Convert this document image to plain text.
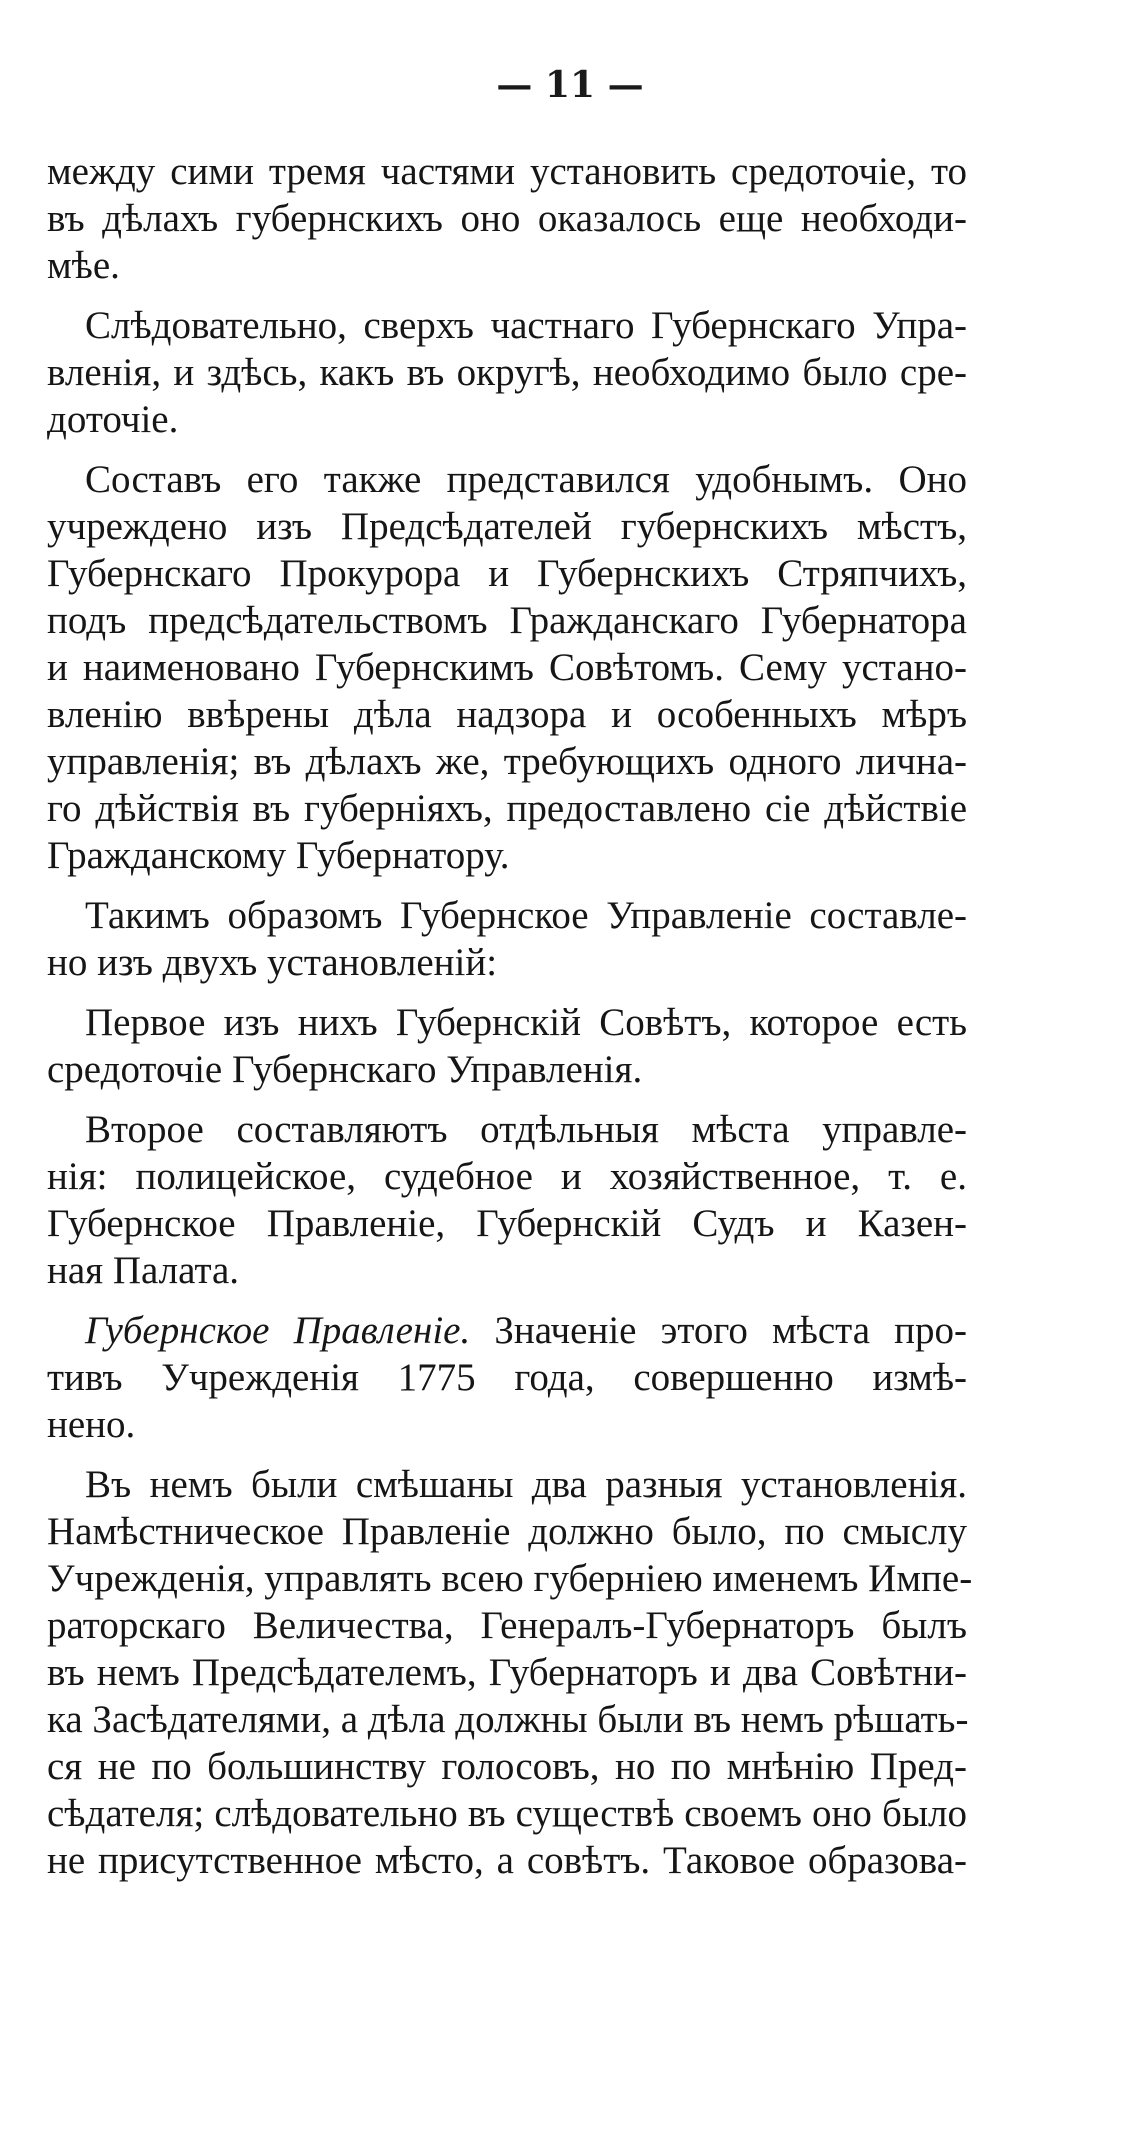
— 11 —
между сими тремя частями установить средоточіе, то
въ дѣлахъ губернскихъ оно оказалось еще необходи-
мѣе.
Слѣдовательно, сверхъ частнаго Губернскаго Упра-
вленія, и здѣсь, какъ въ округѣ, необходимо было сре-
доточіе.
Составъ его также представился удобнымъ. Оно
учреждено изъ Предсѣдателей губернскихъ мѣстъ,
Губернскаго Прокурора и Губернскихъ Стряпчихъ,
подъ предсѣдательствомъ Гражданскаго Губернатора
и наименовано Губернскимъ Совѣтомъ. Сему устано-
вленію ввѣрены дѣла надзора и особенныхъ мѣръ
управленія; въ дѣлахъ же, требующихъ одного лична-
го дѣйствія въ губерніяхъ, предоставлено сіе дѣйствіе
Гражданскому Губернатору.
Такимъ образомъ Губернское Управленіе составле-
но изъ двухъ установленій:
Первое изъ нихъ Губернскій Совѣтъ, которое есть
средоточіе Губернскаго Управленія.
Второе составляютъ отдѣльныя мѣста управле-
нія: полицейское, судебное и хозяйственное, т. е.
Губернское Правленіе, Губернскій Судъ и Казен-
ная Палата.
Губернское Правленіе. Значеніе этого мѣста про-
тивъ Учрежденія 1775 года, совершенно измѣ-
нено.
Въ немъ были смѣшаны два разныя установленія.
Намѣстническое Правленіе должно было, по смыслу
Учрежденія, управлять всею губерніею именемъ Импе-
раторскаго Величества, Генералъ-Губернаторъ былъ
въ немъ Предсѣдателемъ, Губернаторъ и два Совѣтни-
ка Засѣдателями, а дѣла должны были въ немъ рѣшать-
ся не по большинству голосовъ, но по мнѣнію Пред-
сѣдателя; слѣдовательно въ существѣ своемъ оно было
не присутственное мѣсто, а совѣтъ. Таковое образова-
